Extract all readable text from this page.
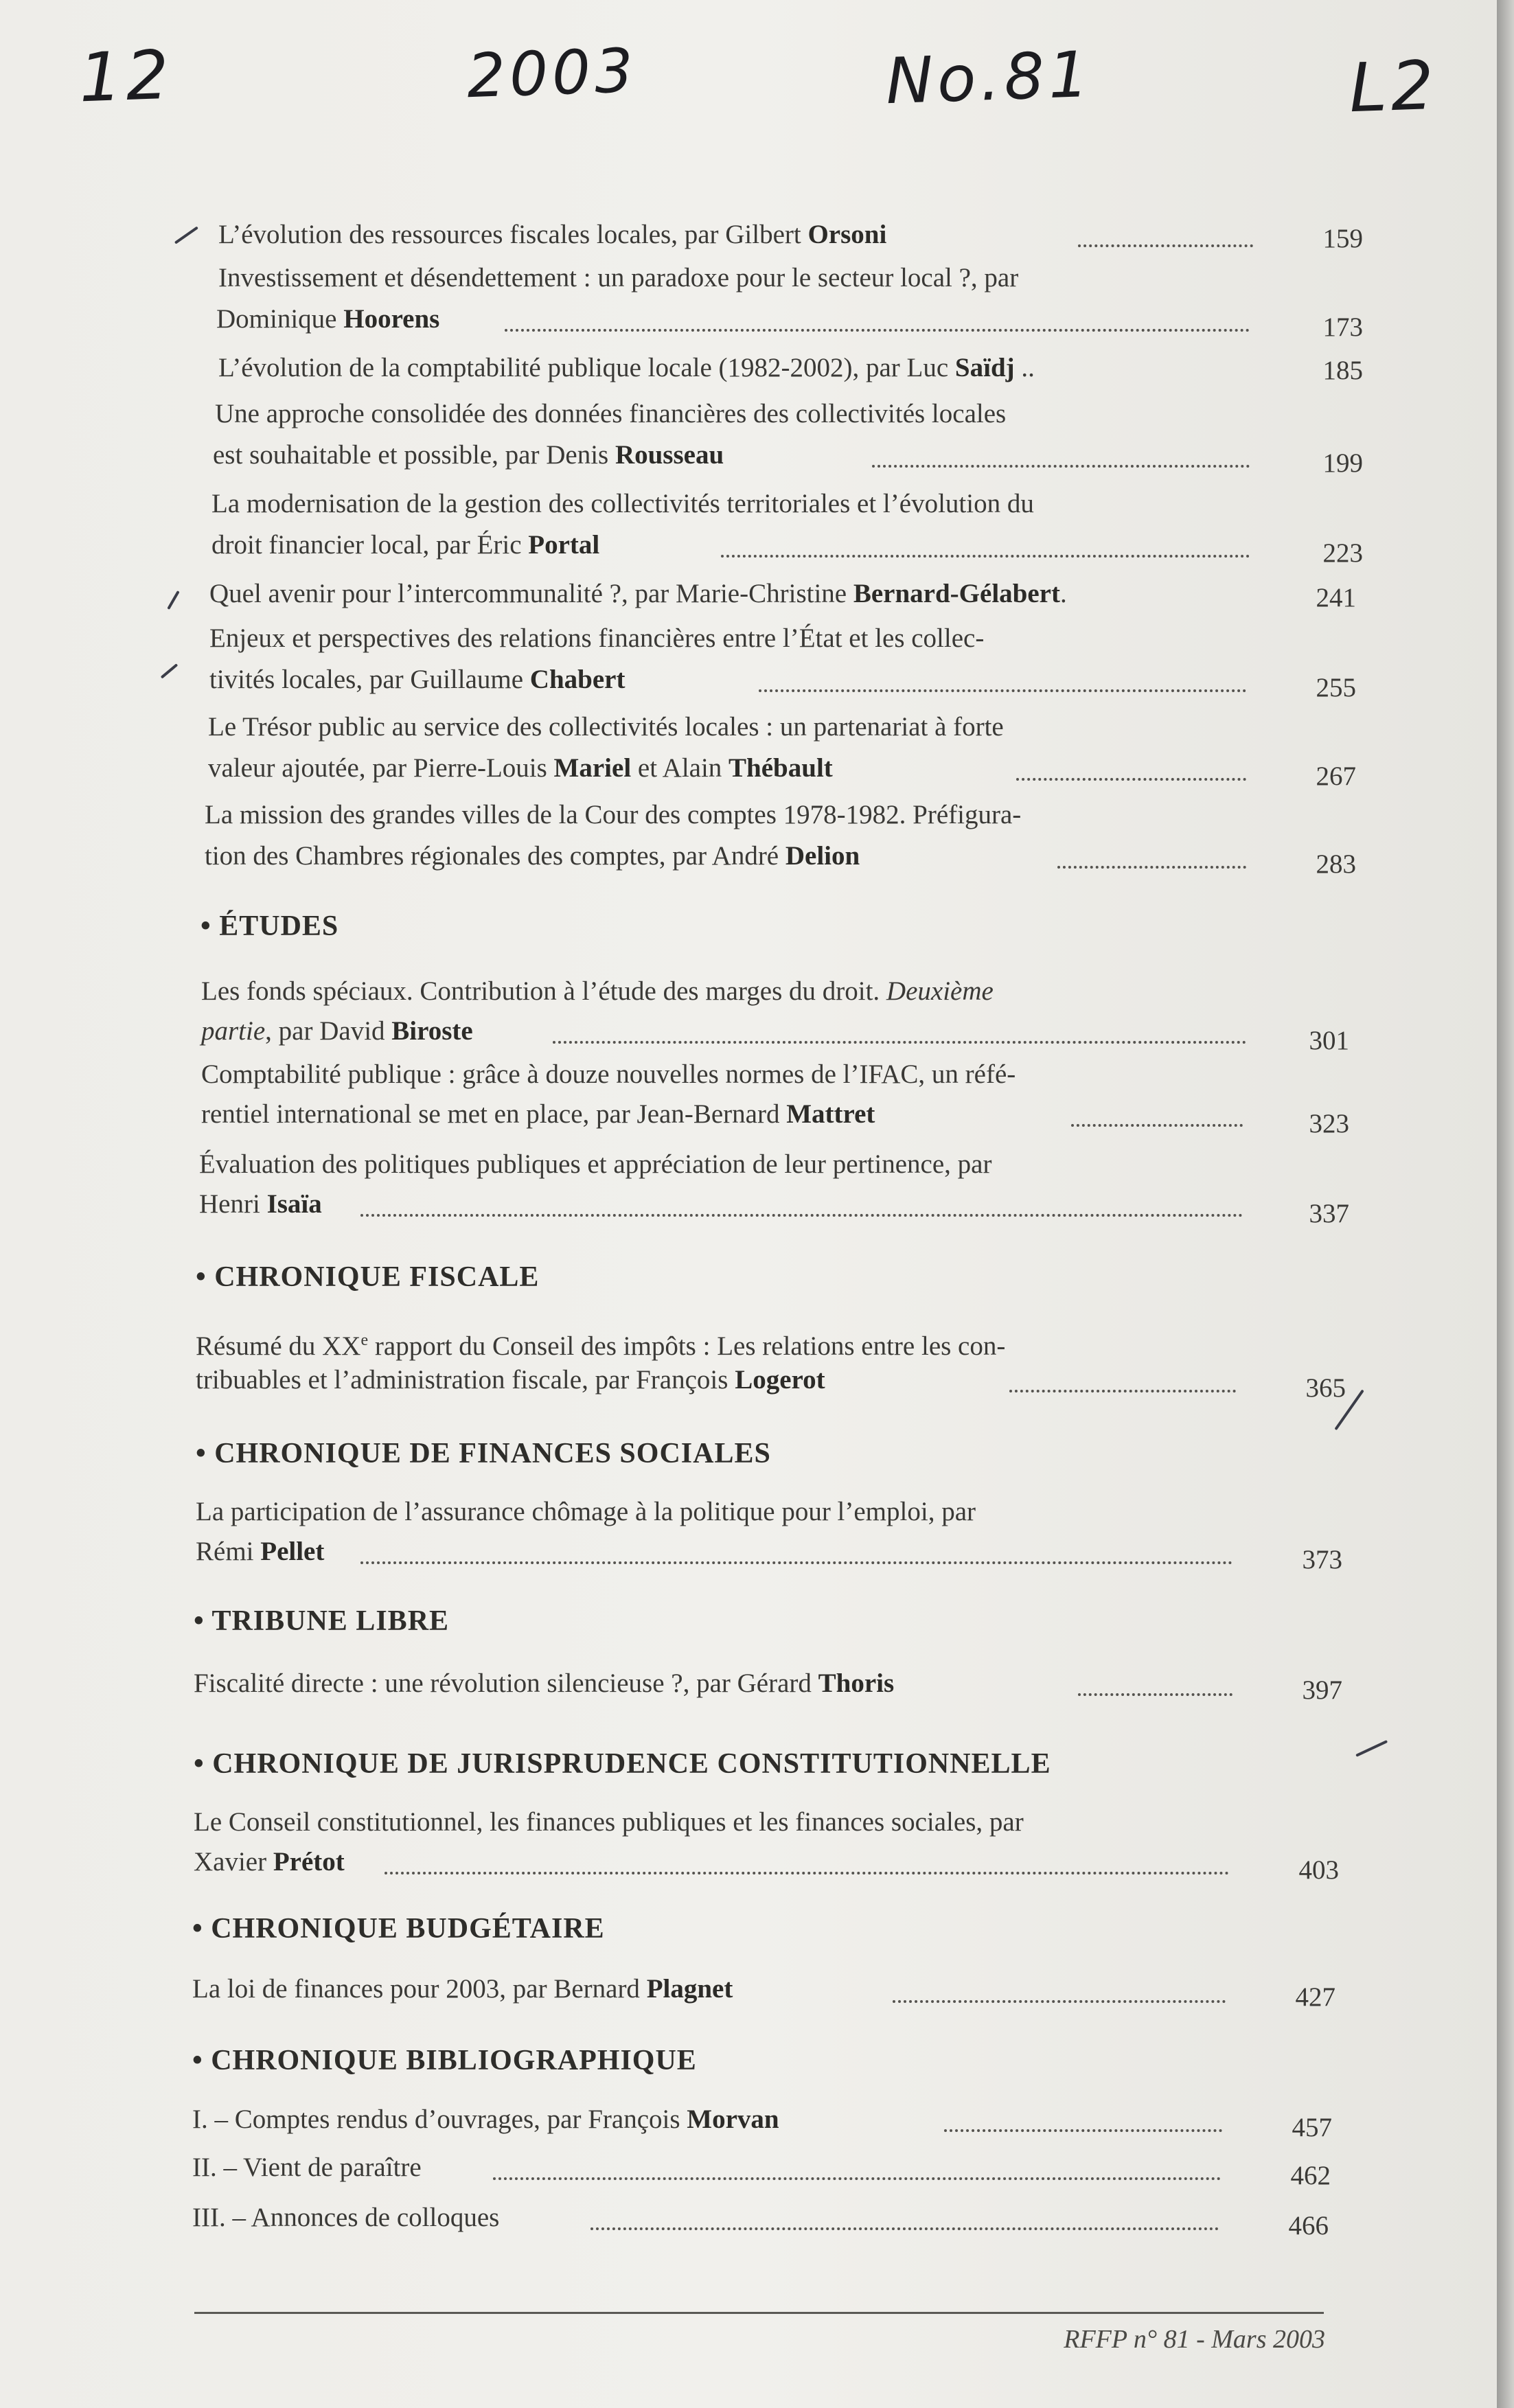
12	2003	No.81	L2
L’évolution des ressources fiscales locales, par Gilbert Orsoni	159
Investissement et désendettement : un paradoxe pour le secteur local ?, par
Dominique Hoorens	173
L’évolution de la comptabilité publique locale (1982-2002), par Luc Saïdj ..	185
Une approche consolidée des données financières des collectivités locales
est souhaitable et possible, par Denis Rousseau	199
La modernisation de la gestion des collectivités territoriales et l’évolution du
droit financier local, par Éric Portal	223
Quel avenir pour l’intercommunalité ?, par Marie-Christine Bernard-Gélabert.	241
Enjeux et perspectives des relations financières entre l’État et les collec-
tivités locales, par Guillaume Chabert	255
Le Trésor public au service des collectivités locales : un partenariat à forte
valeur ajoutée, par Pierre-Louis Mariel et Alain Thébault	267
La mission des grandes villes de la Cour des comptes 1978-1982. Préfigura-
tion des Chambres régionales des comptes, par André Delion	283
• ÉTUDES
Les fonds spéciaux. Contribution à l’étude des marges du droit. Deuxième
partie, par David Biroste	301
Comptabilité publique : grâce à douze nouvelles normes de l’IFAC, un réfé-
rentiel international se met en place, par Jean-Bernard Mattret	323
Évaluation des politiques publiques et appréciation de leur pertinence, par
Henri Isaïa	337
• CHRONIQUE FISCALE
Résumé du XXe rapport du Conseil des impôts : Les relations entre les con-
tribuables et l’administration fiscale, par François Logerot	365
• CHRONIQUE DE FINANCES SOCIALES
La participation de l’assurance chômage à la politique pour l’emploi, par
Rémi Pellet	373
• TRIBUNE LIBRE
Fiscalité directe : une révolution silencieuse ?, par Gérard Thoris	397
• CHRONIQUE DE JURISPRUDENCE CONSTITUTIONNELLE
Le Conseil constitutionnel, les finances publiques et les finances sociales, par
Xavier Prétot	403
• CHRONIQUE BUDGÉTAIRE
La loi de finances pour 2003, par Bernard Plagnet	427
• CHRONIQUE BIBLIOGRAPHIQUE
I. – Comptes rendus d’ouvrages, par François Morvan	457
II. – Vient de paraître	462
III. – Annonces de colloques	466
RFFP n° 81 - Mars 2003
